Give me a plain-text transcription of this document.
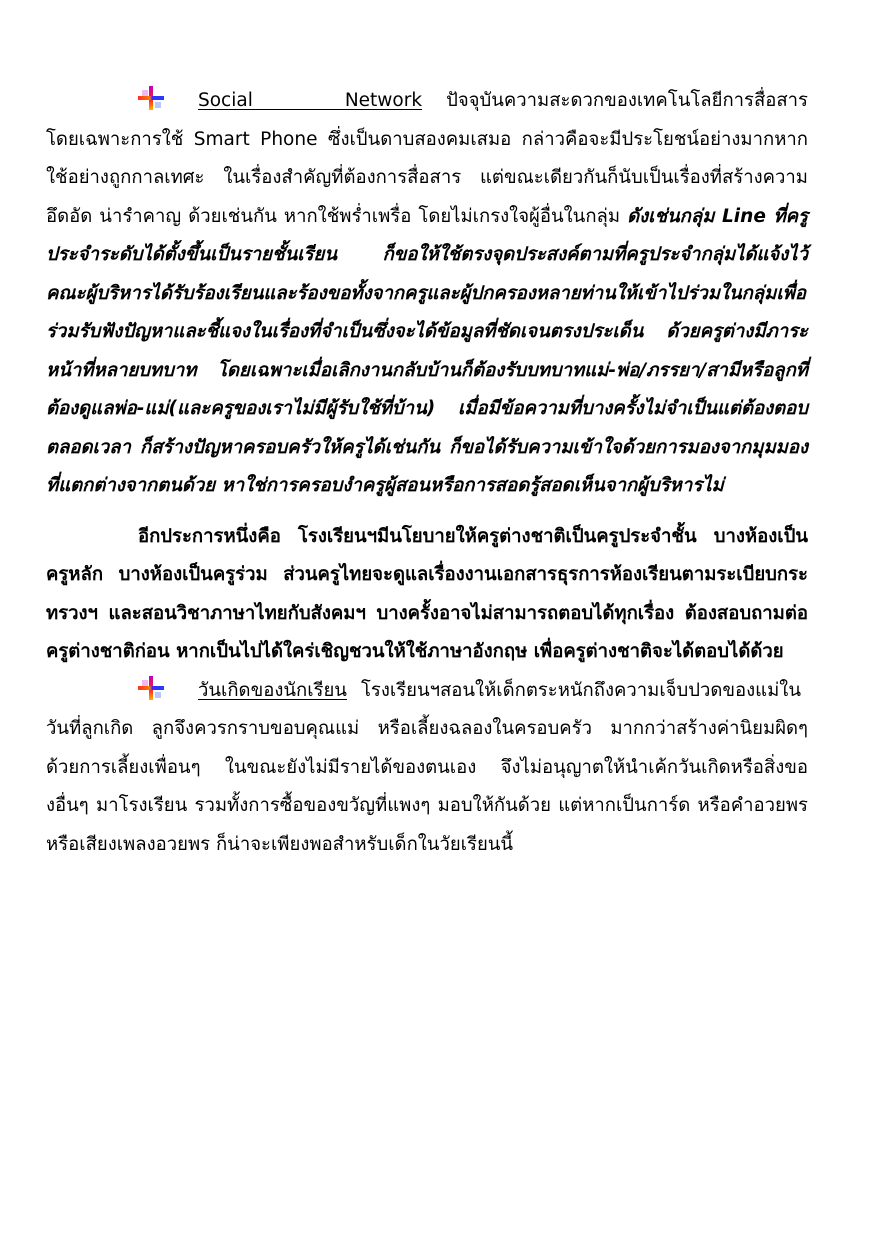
Social Network ปัจจุบันความสะดวกของเทคโนโลยีการสื่อสาร โดยเฉพาะการใช้ Smart Phone ซึ่งเป็นดาบสองคมเสมอ กล่าวคือจะมีประโยชน์อย่างมากหากใช้อย่างถูกกาลเทศะ ในเรื่องสำคัญที่ต้องการสื่อสาร แต่ขณะเดียวกันก็นับเป็นเรื่องที่สร้างความอึดอัด น่ารำคาญ ด้วยเช่นกัน หากใช้พร่ำเพรื่อ โดยไม่เกรงใจผู้อื่นในกลุ่ม ดังเช่นกลุ่ม Line ที่ครูประจำระดับได้ตั้งขึ้นเป็นรายชั้นเรียน ก็ขอให้ใช้ตรงจุดประสงค์ตามที่ครูประจำกลุ่มได้แจ้งไว้ คณะผู้บริหารได้รับร้องเรียนและร้องขอทั้งจากครูและผู้ปกครองหลายท่านให้เข้าไปร่วมในกลุ่มเพื่อร่วมรับฟังปัญหาและชี้แจงในเรื่องที่จำเป็นซึ่งจะได้ข้อมูลที่ชัดเจนตรงประเด็น ด้วยครูต่างมีภาระหน้าที่หลายบทบาท โดยเฉพาะเมื่อเลิกงานกลับบ้านก็ต้องรับบทบาทแม่-พ่อ/ภรรยา/สามีหรือลูกที่ต้องดูแลพ่อ-แม่(และครูของเราไม่มีผู้รับใช้ที่บ้าน) เมื่อมีข้อความที่บางครั้งไม่จำเป็นแต่ต้องตอบตลอดเวลา ก็สร้างปัญหาครอบครัวให้ครูได้เช่นกัน ก็ขอได้รับความเข้าใจด้วยการมองจากมุมมองที่แตกต่างจากตนด้วย หาใช่การครอบงำครูผู้สอนหรือการสอดรู้สอดเห็นจากผู้บริหารไม่

อีกประการหนึ่งคือ โรงเรียนฯมีนโยบายให้ครูต่างชาติเป็นครูประจำชั้น บางห้องเป็นครูหลัก บางห้องเป็นครูร่วม ส่วนครูไทยจะดูแลเรื่องงานเอกสารธุรการห้องเรียนตามระเบียบกระทรวงฯ และสอนวิชาภาษาไทยกับสังคมฯ บางครั้งอาจไม่สามารถตอบได้ทุกเรื่อง ต้องสอบถามต่อครูต่างชาติก่อน หากเป็นไปได้ใคร่เชิญชวนให้ใช้ภาษาอังกฤษ เพื่อครูต่างชาติจะได้ตอบได้ด้วย

วันเกิดของนักเรียน โรงเรียนฯสอนให้เด็กตระหนักถึงความเจ็บปวดของแม่ในวันที่ลูกเกิด ลูกจึงควรกราบขอบคุณแม่ หรือเลี้ยงฉลองในครอบครัว มากกว่าสร้างค่านิยมผิดๆ ด้วยการเลี้ยงเพื่อนๆ ในขณะยังไม่มีรายได้ของตนเอง จึงไม่อนุญาตให้นำเค้กวันเกิดหรือสิ่งของอื่นๆ มาโรงเรียน รวมทั้งการซื้อของขวัญที่แพงๆ มอบให้กันด้วย แต่หากเป็นการ์ด หรือคำอวยพร หรือเสียงเพลงอวยพร ก็น่าจะเพียงพอสำหรับเด็กในวัยเรียนนี้
